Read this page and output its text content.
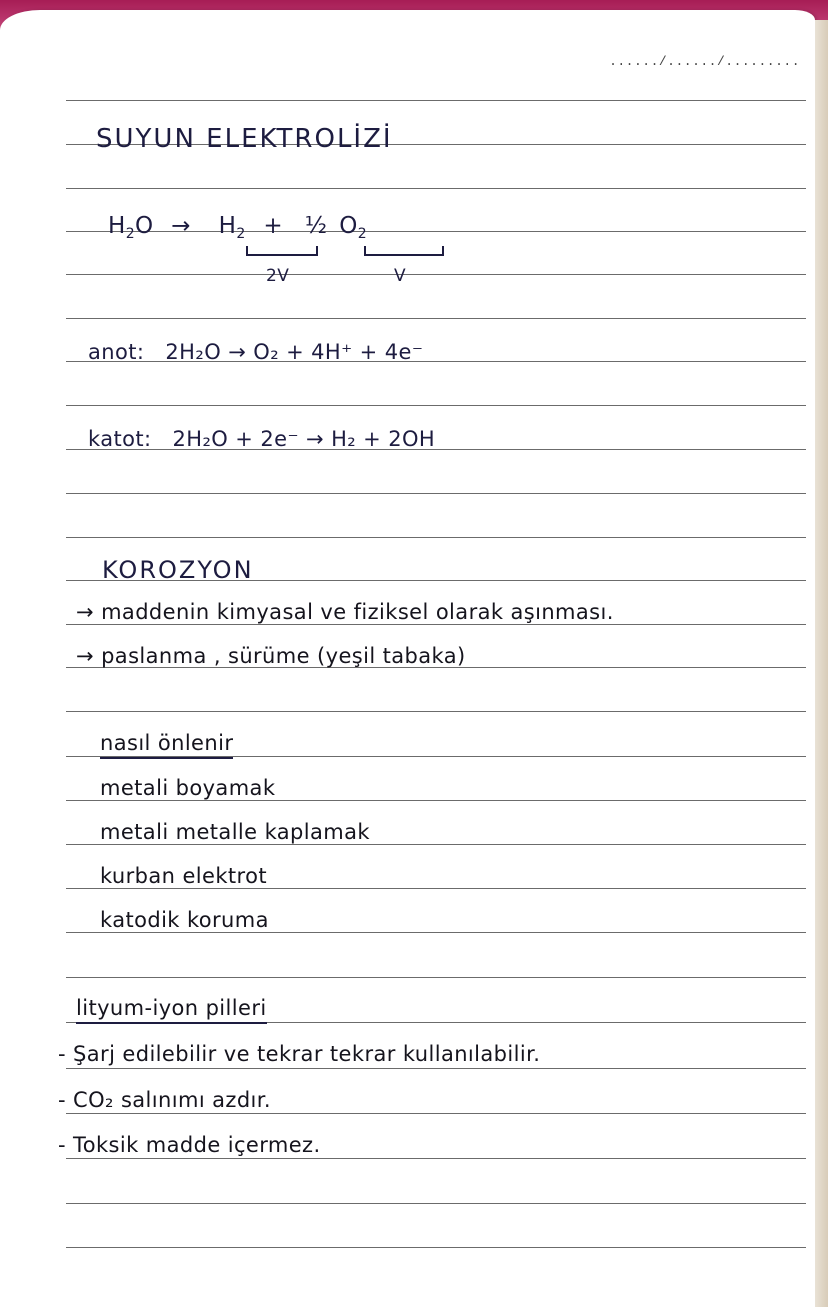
....../....../.........
SUYUN ELEKTROLİZİ
$H_2O \to H_2$ + ½ $O_2$
2V	V
anot: 2H₂O → O₂ + 4H⁺ + 4e⁻
katot: 2H₂O + 2e⁻ → H₂ + 2OH
KOROZYON
→ maddenin kimyasal ve fiziksel olarak aşınması.
→ paslanma , sürüme (yeşil tabaka)
nasıl önlenir
metali boyamak
metali metalle kaplamak
kurban elektrot
katodik koruma
lityum-iyon pilleri
- Şarj edilebilir ve tekrar tekrar kullanılabilir.
- CO₂ salınımı azdır.
- Toksik madde içermez.
